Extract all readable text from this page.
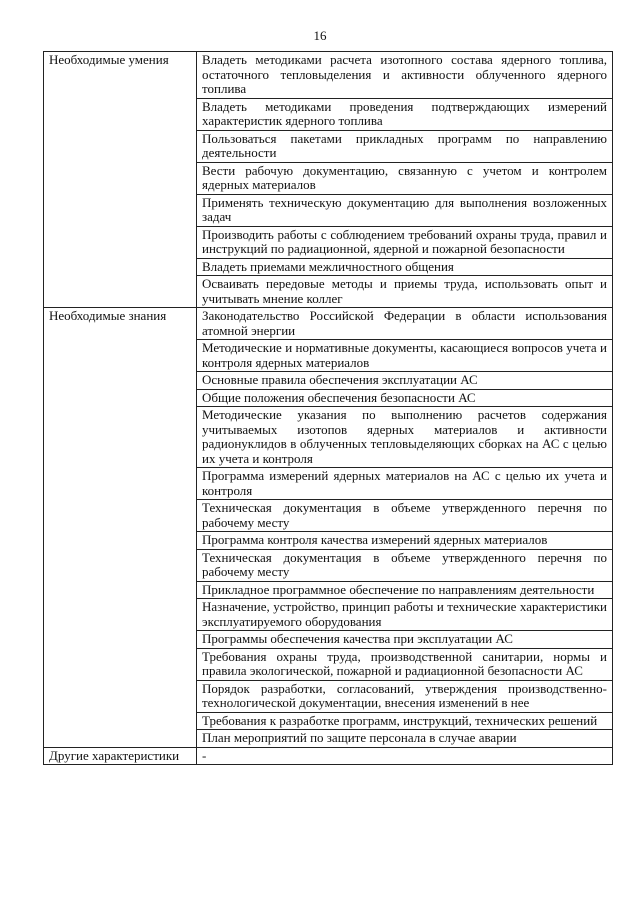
16
Необходимые умения	Владеть методиками расчета изотопного состава ядерного топлива, остаточного тепловыделения и активности облученного ядерного топлива
	Владеть методиками проведения подтверждающих измерений характеристик ядерного топлива
	Пользоваться пакетами прикладных программ по направлению деятельности
	Вести рабочую документацию, связанную с учетом и контролем ядерных материалов
	Применять техническую документацию для выполнения возложенных задач
	Производить работы с соблюдением требований охраны труда, правил и инструкций по радиационной, ядерной и пожарной безопасности
	Владеть приемами межличностного общения
	Осваивать передовые методы и приемы труда, использовать опыт и учитывать мнение коллег
Необходимые знания	Законодательство Российской Федерации в области использования атомной энергии
	Методические и нормативные документы, касающиеся вопросов учета и контроля ядерных материалов
	Основные правила обеспечения эксплуатации АС
	Общие положения обеспечения безопасности АС
	Методические указания по выполнению расчетов содержания учитываемых изотопов ядерных материалов и активности радионуклидов в облученных тепловыделяющих сборках на АС с целью их учета и контроля
	Программа измерений ядерных материалов на АС с целью их учета и контроля
	Техническая документация в объеме утвержденного перечня по рабочему месту
	Программа контроля качества измерений ядерных материалов
	Техническая документация в объеме утвержденного перечня по рабочему месту
	Прикладное программное обеспечение по направлениям деятельности
	Назначение, устройство, принцип работы и технические характеристики эксплуатируемого оборудования
	Программы обеспечения качества при эксплуатации АС
	Требования охраны труда, производственной санитарии, нормы и правила экологической, пожарной и радиационной безопасности АС
	Порядок разработки, согласований, утверждения производственно-технологической документации, внесения изменений в нее
	Требования к разработке программ, инструкций, технических решений
	План мероприятий по защите персонала в случае аварии
Другие характеристики	-
